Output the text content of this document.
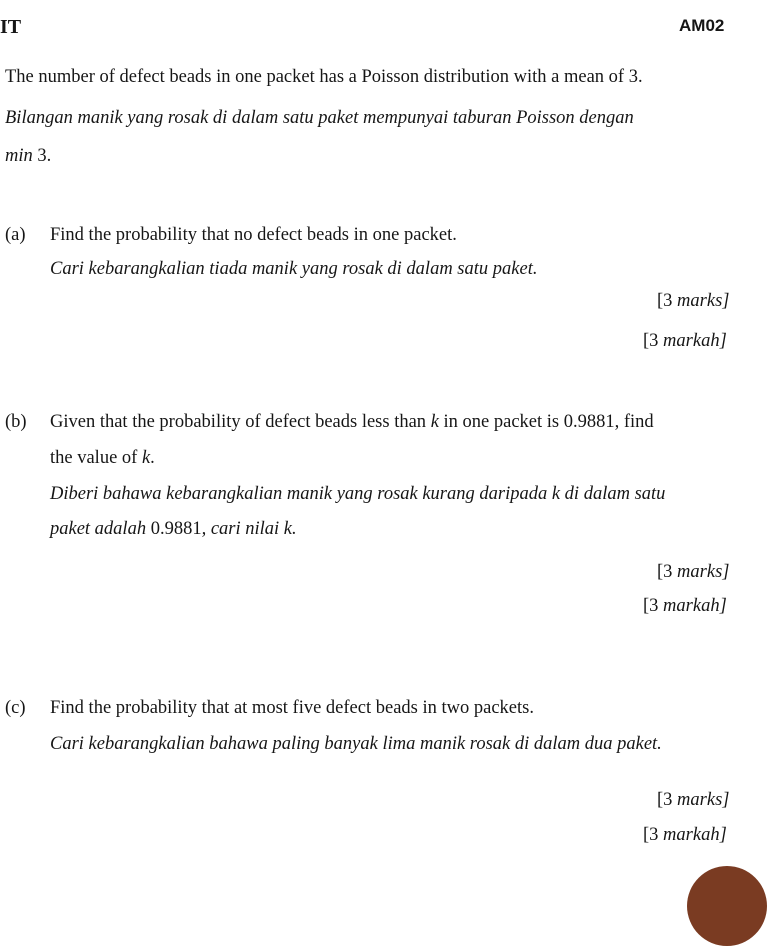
IT	AM02
The number of defect beads in one packet has a Poisson distribution with a mean of 3.
Bilangan manik yang rosak di dalam satu paket mempunyai taburan Poisson dengan
min 3.
(a) Find the probability that no defect beads in one packet.
Cari kebarangkalian tiada manik yang rosak di dalam satu paket.
[3 marks]
[3 markah]
(b) Given that the probability of defect beads less than k in one packet is 0.9881, find
the value of k.
Diberi bahawa kebarangkalian manik yang rosak kurang daripada k di dalam satu
paket adalah 0.9881, cari nilai k.
[3 marks]
[3 markah]
(c) Find the probability that at most five defect beads in two packets.
Cari kebarangkalian bahawa paling banyak lima manik rosak di dalam dua paket.
[3 marks]
[3 markah]
